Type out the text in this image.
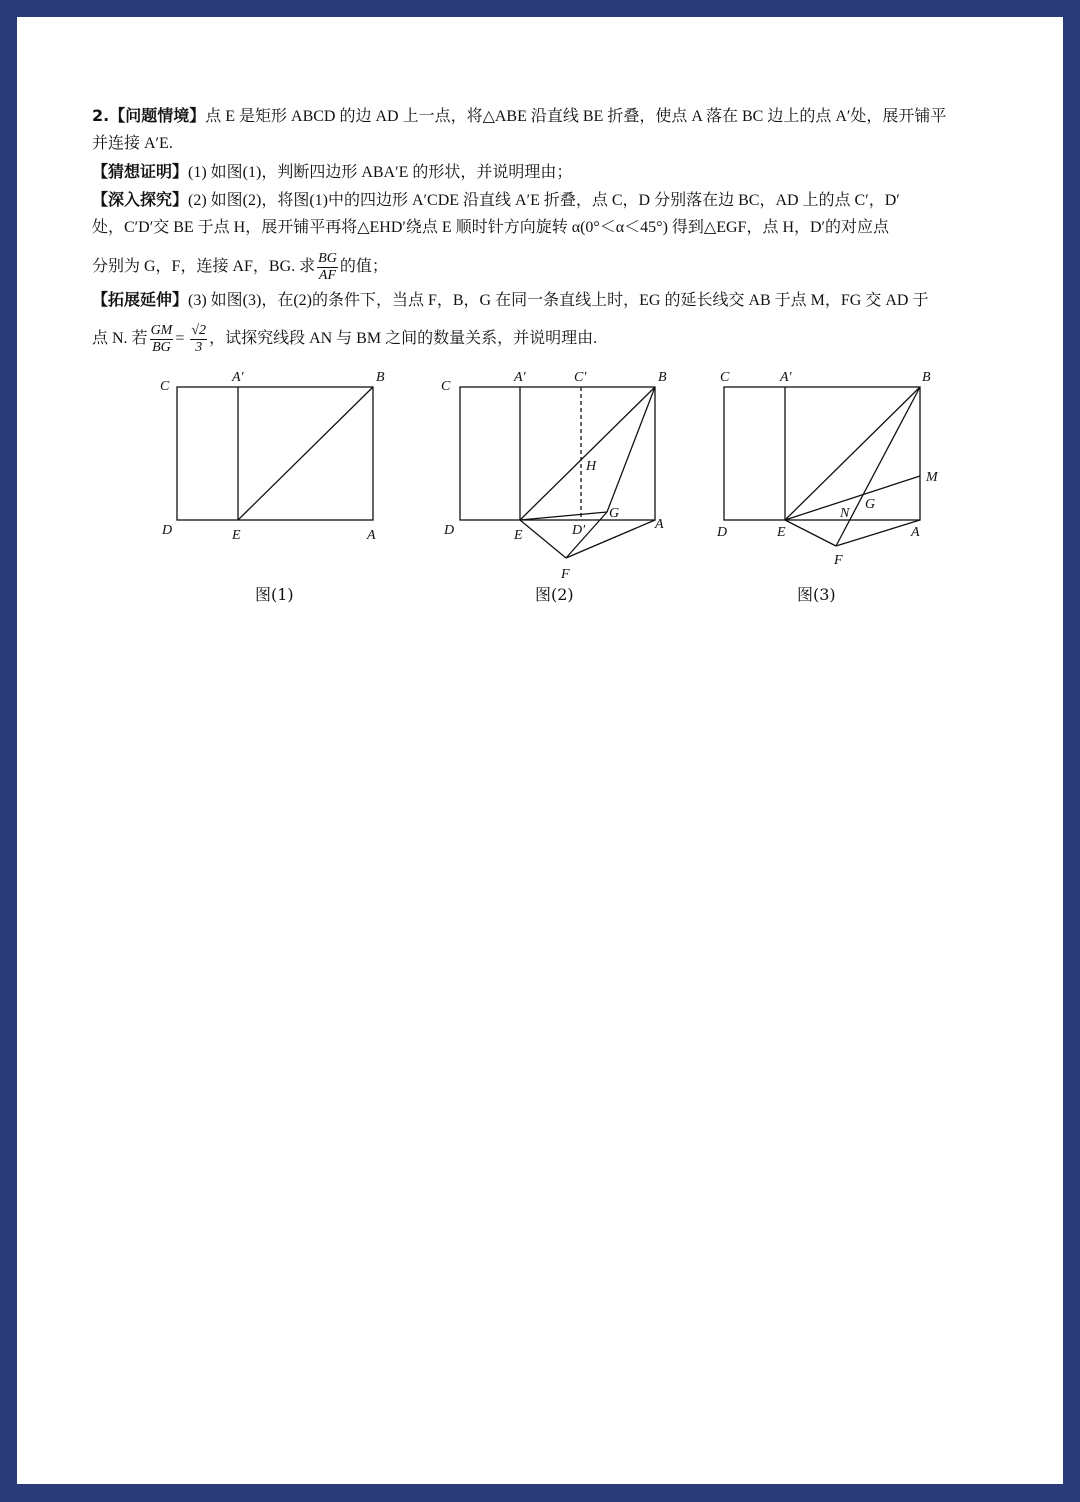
2.【问题情境】点 E 是矩形 ABCD 的边 AD 上一点，将△ABE 沿直线 BE 折叠，使点 A 落在 BC 边上的点 A′处，展开铺平
并连接 A′E.
【猜想证明】(1) 如图(1)，判断四边形 ABA′E 的形状，并说明理由；
【深入探究】(2) 如图(2)，将图(1)中的四边形 A′CDE 沿直线 A′E 折叠，点 C，D 分别落在边 BC，AD 上的点 C′，D′
处，C′D′交 BE 于点 H，展开铺平再将△EHD′绕点 E 顺时针方向旋转 α(0°＜α＜45°) 得到△EGF，点 H，D′的对应点
分别为 G，F，连接 AF，BG. 求 $\frac{BG}{AF}$ 的值；
【拓展延伸】(3) 如图(3)，在(2)的条件下，当点 F，B，G 在同一条直线上时，EG 的延长线交 AB 于点 M，FG 交 AD 于
点 N. 若 $\frac{GM}{BG} = \frac{√2}{3}$ ，试探究线段 AN 与 BM 之间的数量关系，并说明理由.
C
A′	B
D	E	A
C
A′	C′	B
H
G
D	E	D′	A
F
C	A′	B
M
N
G
D	E	A
F
图(1)	图(2)	图(3)
